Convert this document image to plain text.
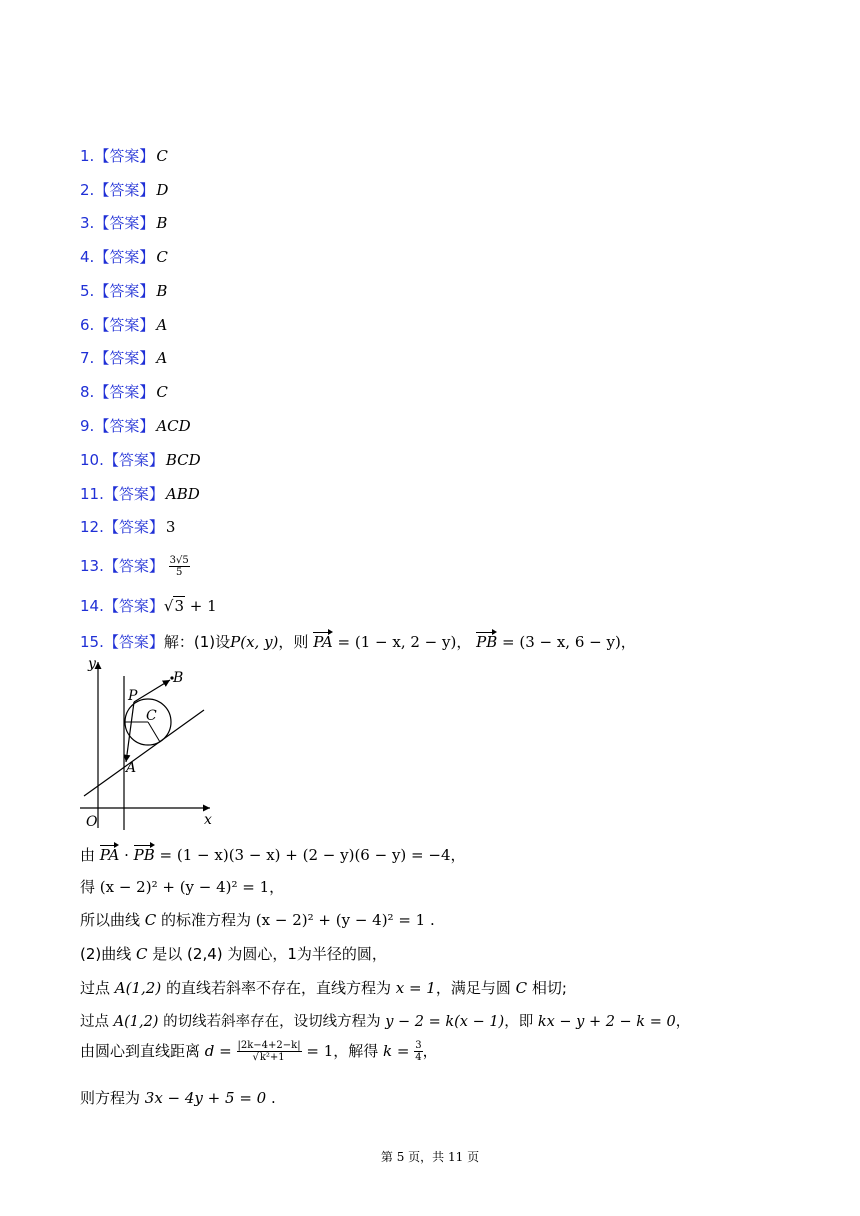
1.【答案】 C
2.【答案】 D
3.【答案】 B
4.【答案】 C
5.【答案】 B
6.【答案】 A
7.【答案】 A
8.【答案】 C
9.【答案】 ACD
10.【答案】 BCD
11.【答案】 ABD
12.【答案】 3
13.【答案】 $\frac{3√5}{5}$
14.【答案】√3 + 1
15.【答案】解：(1)设P(x, y)，则 PA = (1 − x, 2 − y)， PB = (3 − x, 6 − y)，
y
x
O
P
B
C
A
由 PA · PB = (1 − x)(3 − x) + (2 − y)(6 − y) = −4，
得 (x − 2)² + (y − 4)² = 1，
所以曲线 C 的标准方程为 (x − 2)² + (y − 4)² = 1 .
(2)曲线 C 是以 (2,4) 为圆心，1为半径的圆，
过点 A(1,2) 的直线若斜率不存在，直线方程为 x = 1，满足与圆 C 相切;
过点 A(1,2) 的切线若斜率存在，设切线方程为 y − 2 = k(x − 1)，即 kx − y + 2 − k = 0，
由圆心到直线距离 $d = \frac{|2k-4+2-k|}{\text{√k²+1}} = 1$，解得 $k = \frac{3}{4}$ ，
则方程为 3x − 4y + 5 = 0 .
第 5 页，共 11 页
